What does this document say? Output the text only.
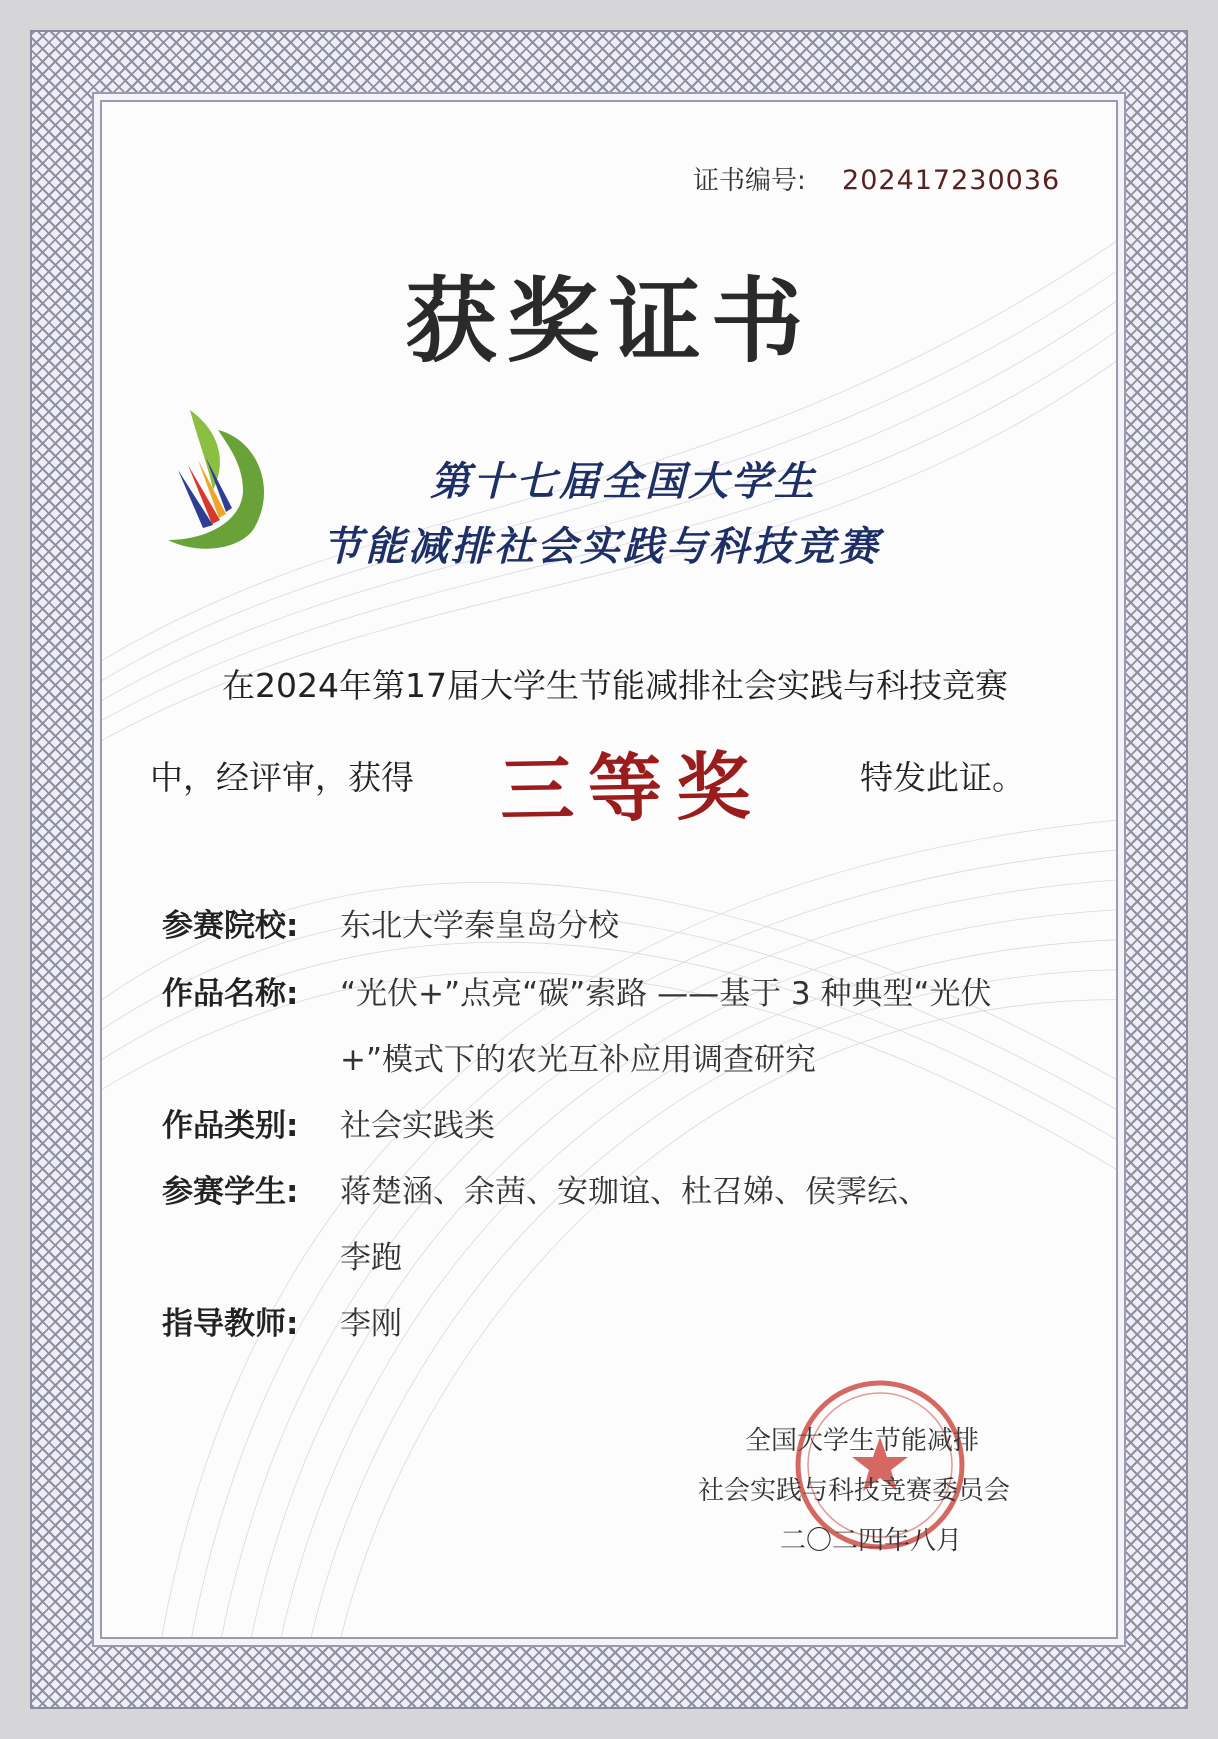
证书编号: 202417230036
获奖证书
第十七届全国大学生
节能减排社会实践与科技竞赛
在2024年第17届大学生节能减排社会实践与科技竞赛
中，经评审，获得 三等奖	特发此证。
参赛院校: 东北大学秦皇岛分校
作品名称: “光伏+”点亮“碳”索路 ——基于 3 种典型“光伏
+”模式下的农光互补应用调查研究
作品类别: 社会实践类
参赛学生: 蒋楚涵、余茜、安珈谊、杜召娣、侯霁纭、
李跑
指导教师: 李刚
全国大学生节能减排
社会实践与科技竞赛委员会
二〇二四年八月
